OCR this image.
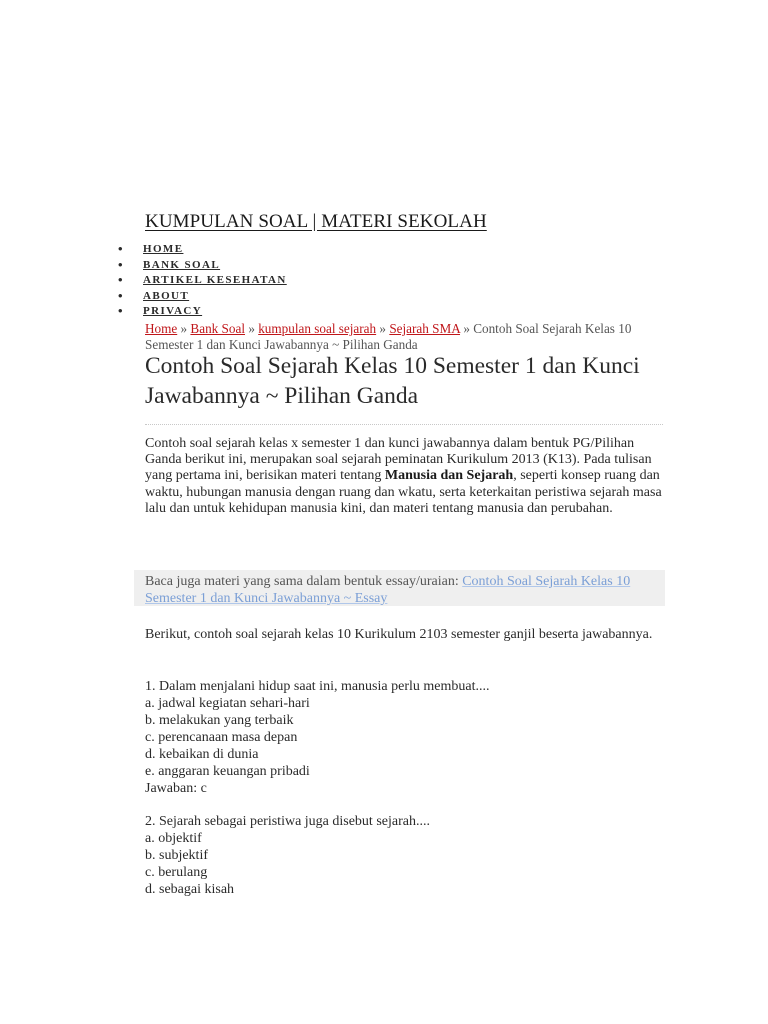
KUMPULAN SOAL | MATERI SEKOLAH
• HOME
• BANK SOAL
• ARTIKEL KESEHATAN
• ABOUT
• PRIVACY
Home » Bank Soal » kumpulan soal sejarah » Sejarah SMA » Contoh Soal Sejarah Kelas 10 Semester 1 dan Kunci Jawabannya ~ Pilihan Ganda
Contoh Soal Sejarah Kelas 10 Semester 1 dan Kunci Jawabannya ~ Pilihan Ganda
Contoh soal sejarah kelas x semester 1 dan kunci jawabannya dalam bentuk PG/Pilihan Ganda berikut ini, merupakan soal sejarah peminatan Kurikulum 2013 (K13). Pada tulisan yang pertama ini, berisikan materi tentang Manusia dan Sejarah, seperti konsep ruang dan waktu, hubungan manusia dengan ruang dan wkatu, serta keterkaitan peristiwa sejarah masa lalu dan untuk kehidupan manusia kini, dan materi tentang manusia dan perubahan.
Baca juga materi yang sama dalam bentuk essay/uraian: Contoh Soal Sejarah Kelas 10 Semester 1 dan Kunci Jawabannya ~ Essay
Berikut, contoh soal sejarah kelas 10 Kurikulum 2103 semester ganjil beserta jawabannya.
1. Dalam menjalani hidup saat ini, manusia perlu membuat....
a. jadwal kegiatan sehari-hari
b. melakukan yang terbaik
c. perencanaan masa depan
d. kebaikan di dunia
e. anggaran keuangan pribadi
Jawaban: c
2. Sejarah sebagai peristiwa juga disebut sejarah....
a. objektif
b. subjektif
c. berulang
d. sebagai kisah
